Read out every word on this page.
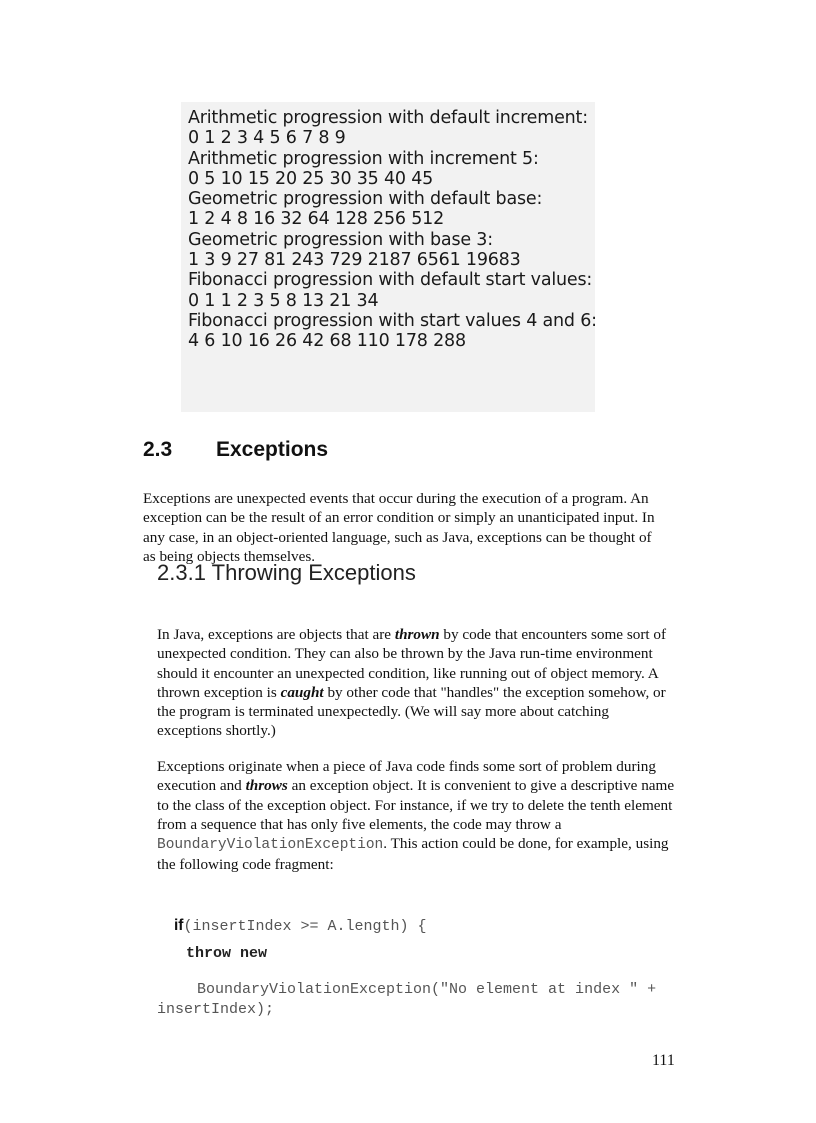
Arithmetic progression with default increment:
0 1 2 3 4 5 6 7 8 9
Arithmetic progression with increment 5:
0 5 10 15 20 25 30 35 40 45
Geometric progression with default base:
1 2 4 8 16 32 64 128 256 512
Geometric progression with base 3:
1 3 9 27 81 243 729 2187 6561 19683
Fibonacci progression with default start values:
0 1 1 2 3 5 8 13 21 34
Fibonacci progression with start values 4 and 6:
4 6 10 16 26 42 68 110 178 288
2.3 Exceptions

Exceptions are unexpected events that occur during the execution of a program. An exception can be the result of an error condition or simply an unanticipated input. In any case, in an object-oriented language, such as Java, exceptions can be thought of as being objects themselves.

2.3.1 Throwing Exceptions

In Java, exceptions are objects that are thrown by code that encounters some sort of unexpected condition. They can also be thrown by the Java run-time environment should it encounter an unexpected condition, like running out of object memory. A thrown exception is caught by other code that "handles" the exception somehow, or the program is terminated unexpectedly. (We will say more about catching exceptions shortly.)

Exceptions originate when a piece of Java code finds some sort of problem during execution and throws an exception object. It is convenient to give a descriptive name to the class of the exception object. For instance, if we try to delete the tenth element from a sequence that has only five elements, the code may throw a BoundaryViolationException. This action could be done, for example, using the following code fragment:

if(insertIndex >= A.length) {
throw new
BoundaryViolationException("No element at index " +
insertIndex);
111
